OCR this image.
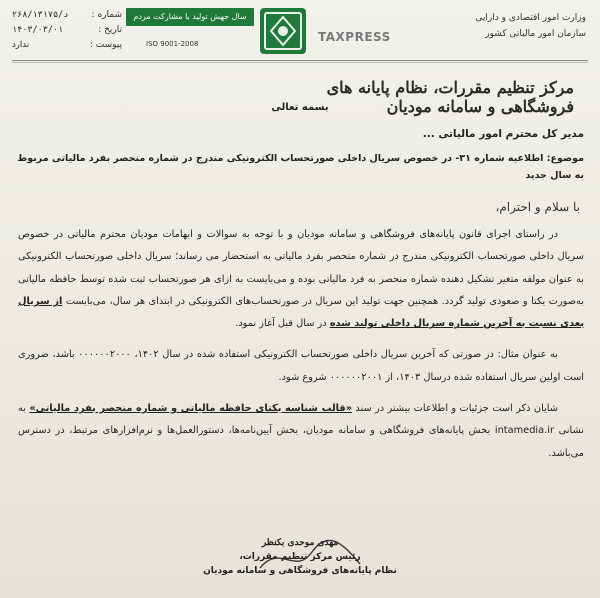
وزارت امور اقتصادی و دارایی
سازمان امور مالیاتی کشور
TAXPRESS
سال جهش تولید با مشارکت مردم
ISO 9001-2008
شماره :
۲۶۸/۱۳۱۷۵/د
تاریخ :
۱۴۰۳/۰۳/۰۱
پیوست :
ندارد
مرکز تنظیم مقررات، نظام پایانه های فروشگاهی و سامانه مودیان
بسمه تعالی
مدیر کل محترم امور مالیاتی ...
موضوع: اطلاعیه شماره ۳۱- در خصوص سریال داخلی صورتحساب الکترونیکی مندرج در شماره منحصر بفرد مالیاتی مربوط به سال جدید
با سلام و احترام،

در راستای اجرای قانون پایانه‌های فروشگاهی و سامانه مودیان و با توجه به سوالات و ابهامات مودیان محترم مالیاتی در خصوص سریال داخلی صورتحساب الکترونیکی مندرج در شماره منحصر بفرد مالیاتی به استحضار می رساند؛ سریال داخلی صورتحساب الکترونیکی به عنوان مولفه متغیر تشکیل دهنده شماره منحصر به فرد مالیاتی بوده و می‌بایست به ازای هر صورتحساب ثبت شده توسط حافظه مالیاتی به‌صورت یکتا و صعودی تولید گردد. همچنین جهت تولید این سریال در صورتحساب‌های الکترونیکی در ابتدای هر سال، می‌بایست از سریال بعدی نسبت به آخرین شماره سریال داخلی تولید شده در سال قبل آغاز نمود.

به عنوان مثال: در صورتی که آخرین سریال داخلی صورتحساب الکترونیکی استفاده شده در سال ۱۴۰۲، ۰۰۰۰۰۰۲۰۰۰ باشد، ضروری است اولین سریال استفاده شده درسال ۱۴۰۳، از ۰۰۰۰۰۰۲۰۰۱ شروع شود.

شایان ذکر است جزئیات و اطلاعات بیشتر در سند «قالب شناسه یکتای حافظه مالیاتی و شماره منحصر بفرد مالیاتی» به نشانی intamedia.ir بخش پایانه‌های فروشگاهی و سامانه مودیان، بخش آیین‌نامه‌ها، دستورالعمل‌ها و نرم‌افزارهای مرتبط، در دسترس می‌باشد.

مهدی موحدی بکنظر
رئیس مرکز تنظیم مقررات،
نظام پایانه‌های فروشگاهی و سامانه مودیان
